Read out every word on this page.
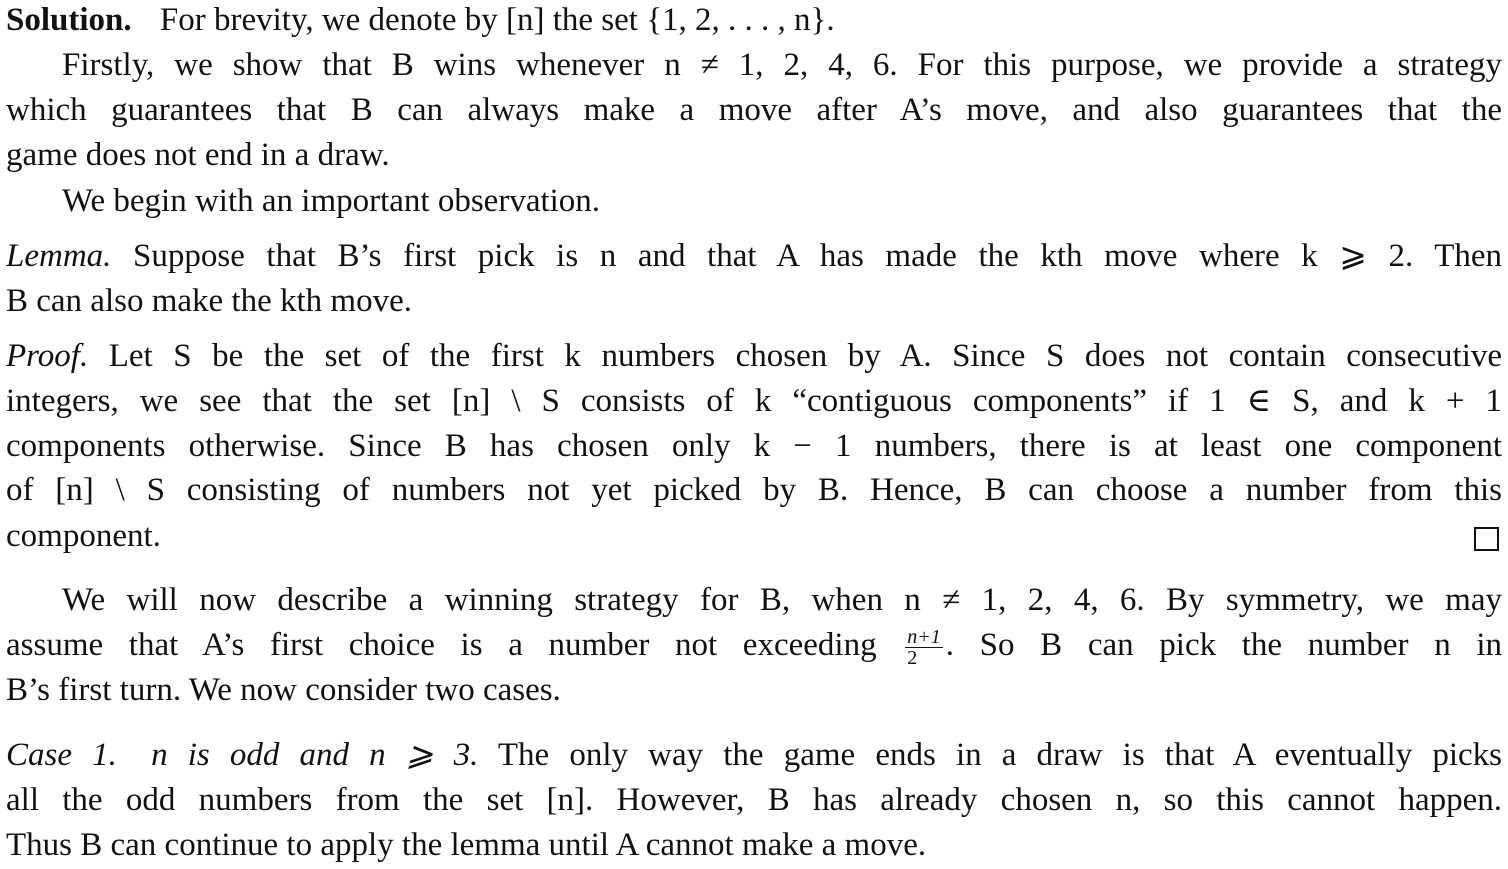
Solution. For brevity, we denote by [n] the set {1, 2, . . . , n}.
Firstly, we show that B wins whenever n ≠ 1, 2, 4, 6. For this purpose, we provide a strategy
which guarantees that B can always make a move after A’s move, and also guarantees that the
game does not end in a draw.
We begin with an important observation.
Lemma. Suppose that B’s first pick is n and that A has made the kth move where k ⩾ 2. Then
B can also make the kth move.
Proof. Let S be the set of the first k numbers chosen by A. Since S does not contain consecutive
integers, we see that the set [n] \ S consists of k “contiguous components” if 1 ∈ S, and k + 1
components otherwise. Since B has chosen only k − 1 numbers, there is at least one component
of [n] \ S consisting of numbers not yet picked by B. Hence, B can choose a number from this
component.
We will now describe a winning strategy for B, when n ≠ 1, 2, 4, 6. By symmetry, we may
assume that A’s first choice is a number not exceeding $\frac{n+1}{2}$ . So B can pick the number n in
B’s first turn. We now consider two cases.
Case 1. n is odd and n ⩾ 3. The only way the game ends in a draw is that A eventually picks
all the odd numbers from the set [n]. However, B has already chosen n, so this cannot happen.
Thus B can continue to apply the lemma until A cannot make a move.
